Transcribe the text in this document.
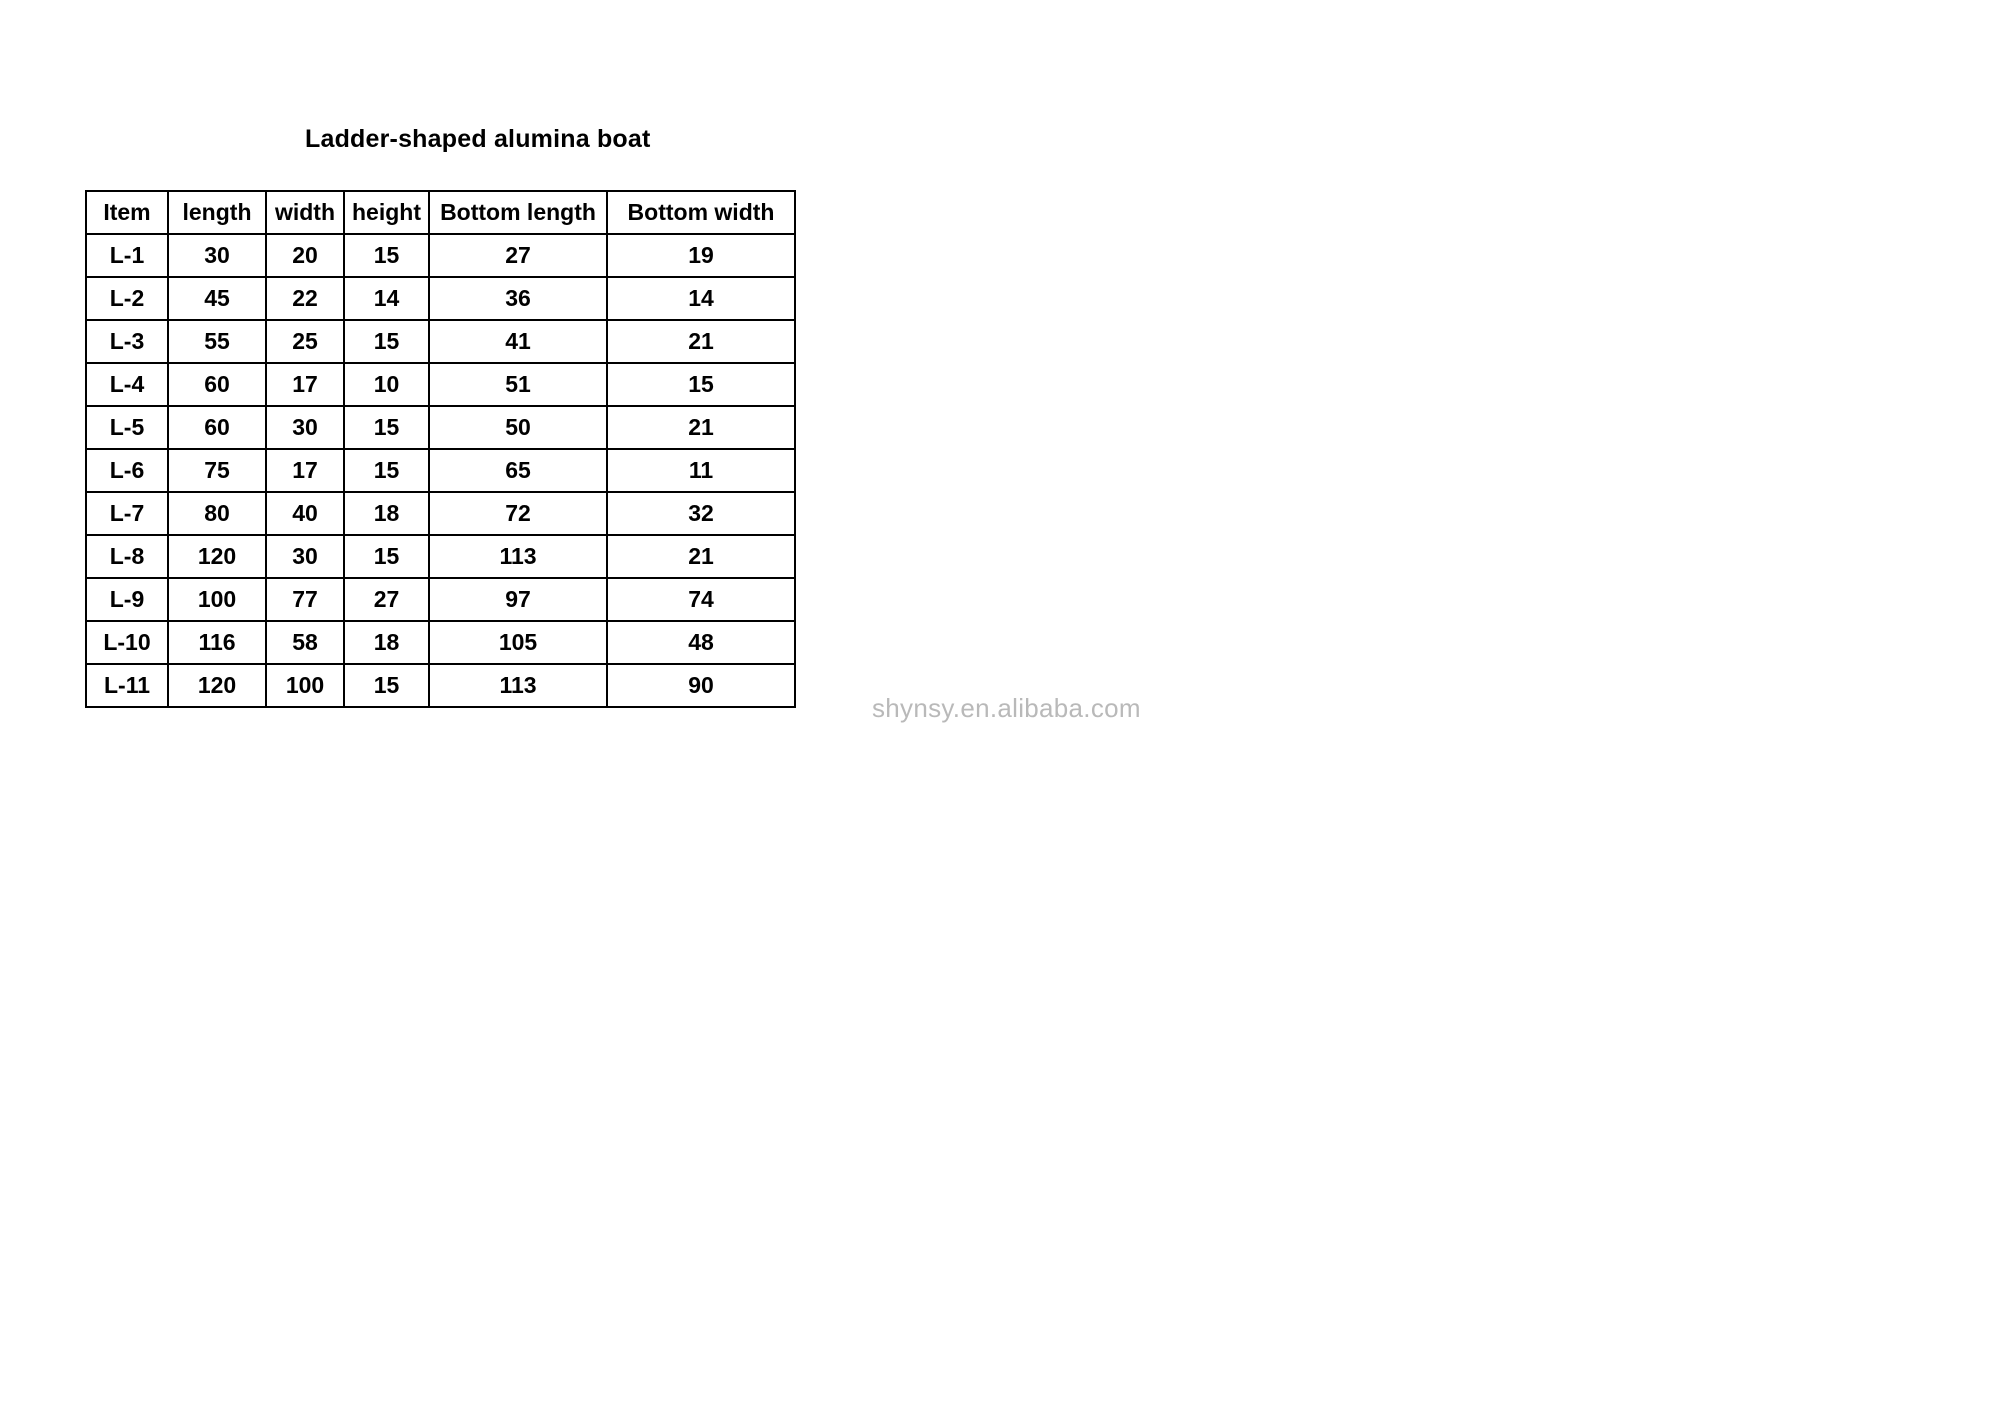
Ladder-shaped alumina boat
Item	length	width	height	Bottom length	Bottom width
L-1	30	20	15	27	19
L-2	45	22	14	36	14
L-3	55	25	15	41	21
L-4	60	17	10	51	15
L-5	60	30	15	50	21
L-6	75	17	15	65	11
L-7	80	40	18	72	32
L-8	120	30	15	113	21
L-9	100	77	27	97	74
L-10	116	58	18	105	48
L-11	120	100	15	113	90
shynsy.en.alibaba.com
